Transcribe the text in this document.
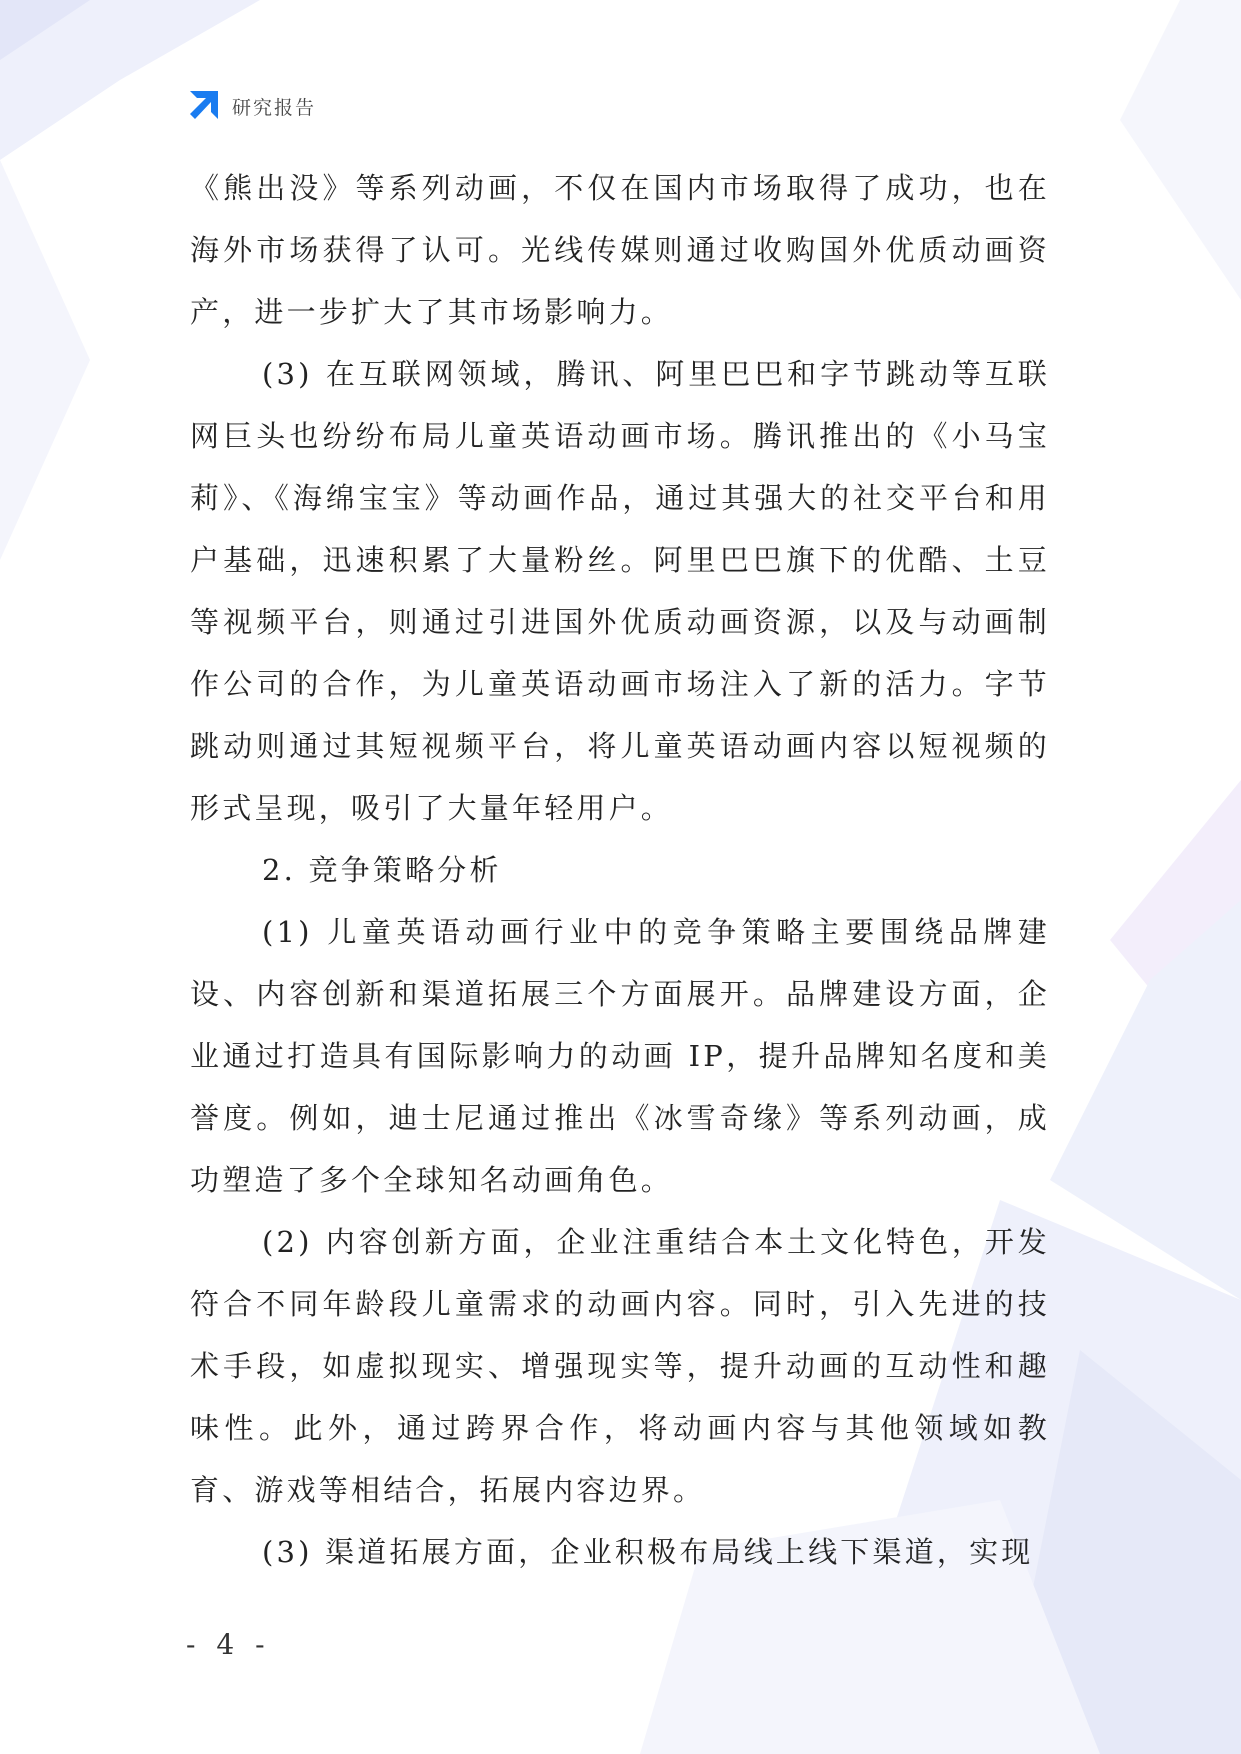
研究报告

《熊出没》等系列动画，不仅在国内市场取得了成功，也在海外市场获得了认可。光线传媒则通过收购国外优质动画资产，进一步扩大了其市场影响力。

(3) 在互联网领域，腾讯、阿里巴巴和字节跳动等互联网巨头也纷纷布局儿童英语动画市场。腾讯推出的《小马宝莉》、《海绵宝宝》等动画作品，通过其强大的社交平台和用户基础，迅速积累了大量粉丝。阿里巴巴旗下的优酷、土豆等视频平台，则通过引进国外优质动画资源，以及与动画制作公司的合作，为儿童英语动画市场注入了新的活力。字节跳动则通过其短视频平台，将儿童英语动画内容以短视频的形式呈现，吸引了大量年轻用户。

2. 竞争策略分析

(1) 儿童英语动画行业中的竞争策略主要围绕品牌建设、内容创新和渠道拓展三个方面展开。品牌建设方面，企业通过打造具有国际影响力的动画 IP，提升品牌知名度和美誉度。例如，迪士尼通过推出《冰雪奇缘》等系列动画，成功塑造了多个全球知名动画角色。

(2) 内容创新方面，企业注重结合本土文化特色，开发符合不同年龄段儿童需求的动画内容。同时，引入先进的技术手段，如虚拟现实、增强现实等，提升动画的互动性和趣味性。此外，通过跨界合作，将动画内容与其他领域如教育、游戏等相结合，拓展内容边界。

(3) 渠道拓展方面，企业积极布局线上线下渠道，实现

- 4 -
